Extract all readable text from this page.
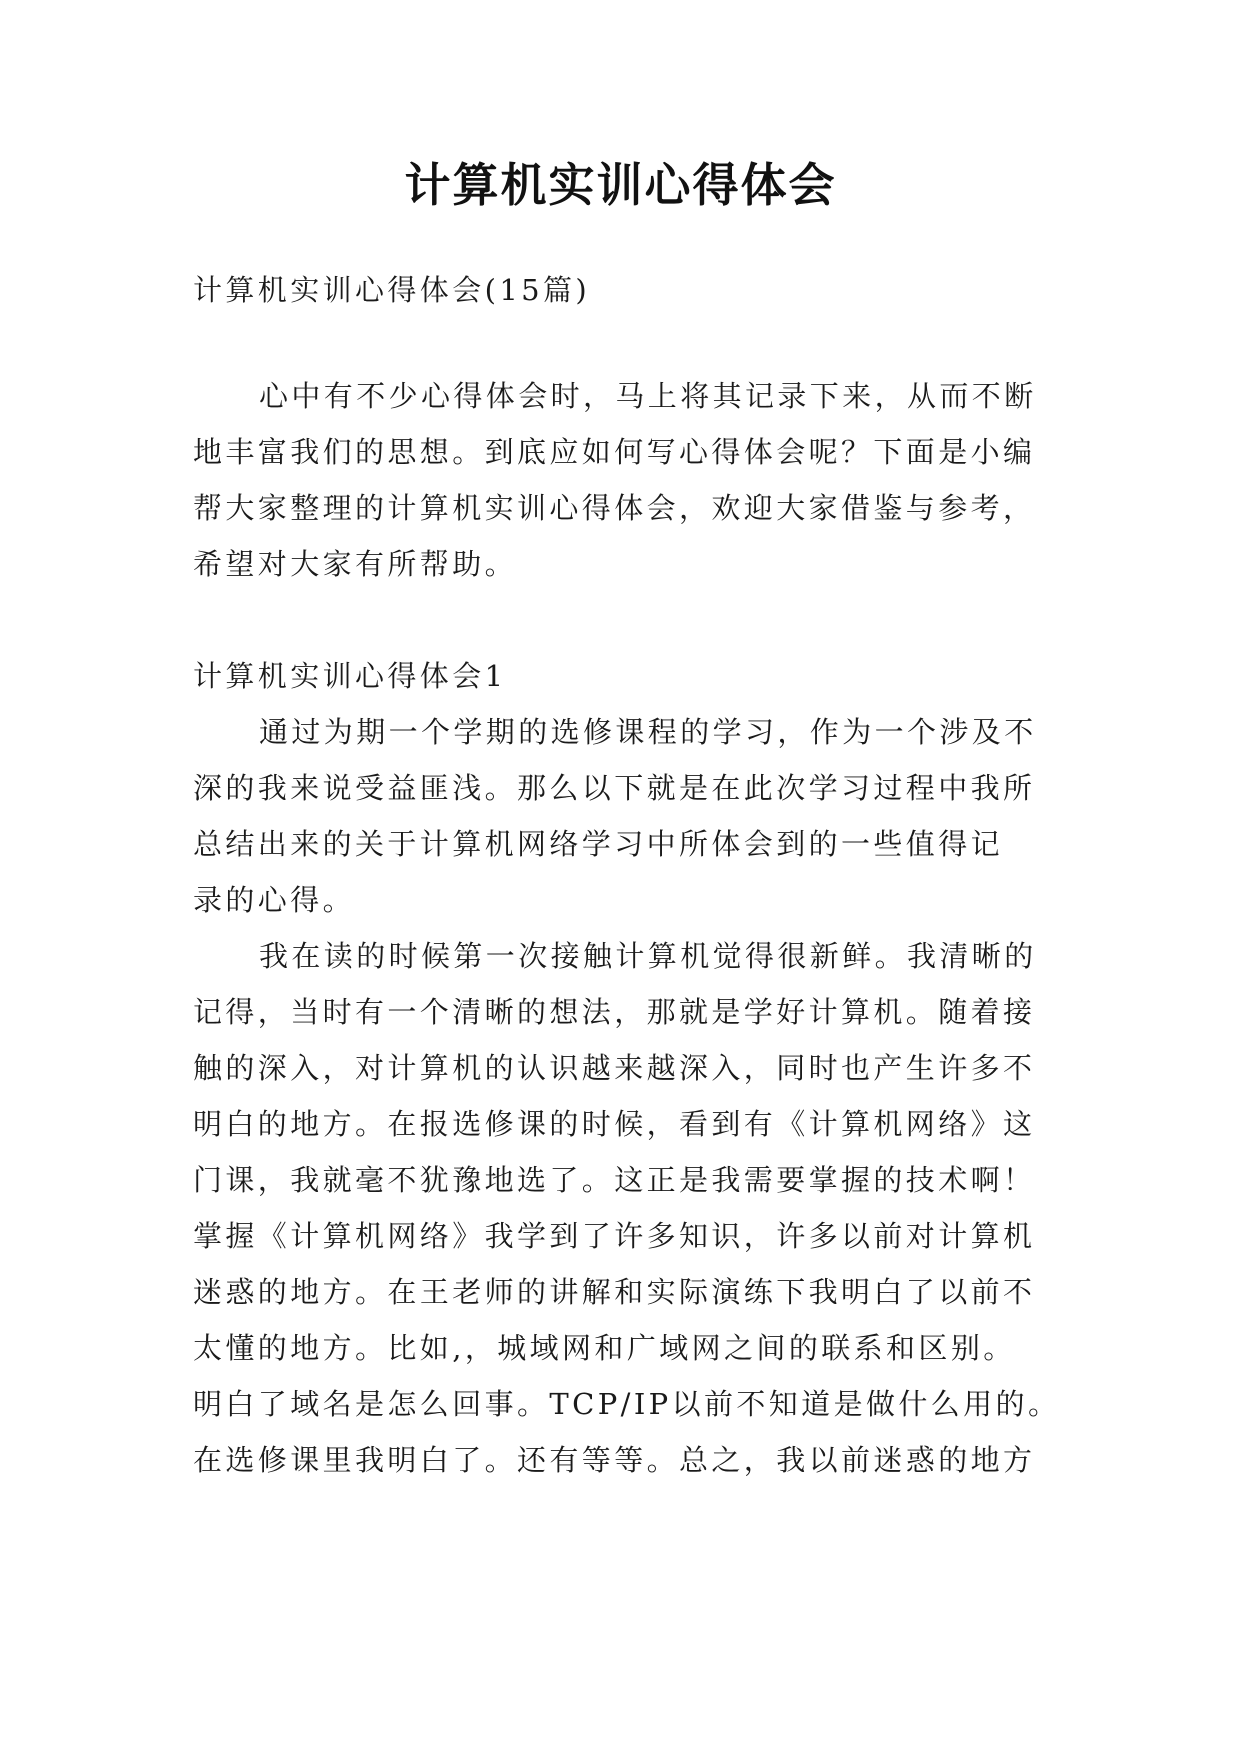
计算机实训心得体会

计算机实训心得体会(15篇)

心中有不少心得体会时，马上将其记录下来，从而不断

地丰富我们的思想。到底应如何写心得体会呢？下面是小编

帮大家整理的计算机实训心得体会，欢迎大家借鉴与参考，

希望对大家有所帮助。

计算机实训心得体会1

通过为期一个学期的选修课程的学习，作为一个涉及不

深的我来说受益匪浅。那么以下就是在此次学习过程中我所

总结出来的关于计算机网络学习中所体会到的一些值得记

录的心得。

我在读的时候第一次接触计算机觉得很新鲜。我清晰的

记得，当时有一个清晰的想法，那就是学好计算机。随着接

触的深入，对计算机的认识越来越深入，同时也产生许多不

明白的地方。在报选修课的时候，看到有《计算机网络》这

门课，我就毫不犹豫地选了。这正是我需要掌握的技术啊！

掌握《计算机网络》我学到了许多知识，许多以前对计算机

迷惑的地方。在王老师的讲解和实际演练下我明白了以前不

太懂的地方。比如,，城域网和广域网之间的联系和区别。

明白了域名是怎么回事。TCP/IP以前不知道是做什么用的。

在选修课里我明白了。还有等等。总之，我以前迷惑的地方
